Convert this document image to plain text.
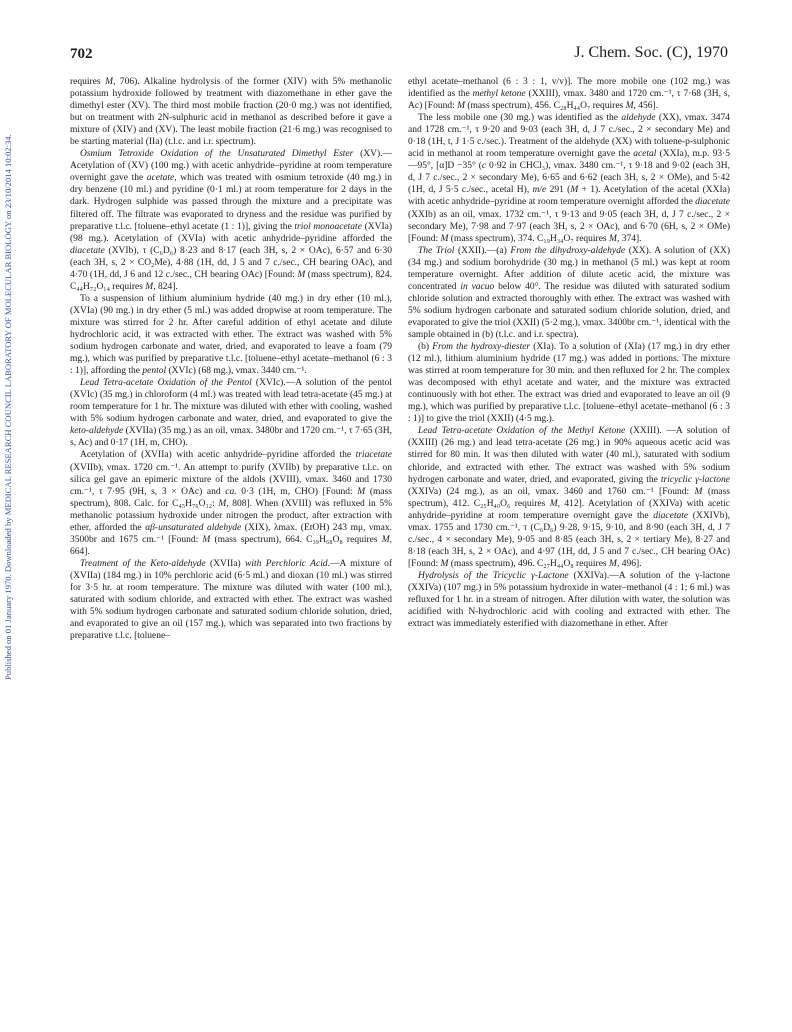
Published on 01 January 1970. Downloaded by MEDICAL RESEARCH COUNCIL LABORATORY OF MOLECULAR BIOLOGY on 23/10/2014 10:02:34.
702	J. Chem. Soc. (C), 1970

requires M, 706). Alkaline hydrolysis of the former (XIV) with 5% methanolic potassium hydroxide followed by treatment with diazomethane in ether gave the dimethyl ester (XV). The third most mobile fraction (20·0 mg.) was not identified, but on treatment with 2N-sulphuric acid in methanol as described before it gave a mixture of (XIV) and (XV). The least mobile fraction (21·6 mg.) was recognised to be starting material (IIa) (t.l.c. and i.r. spectrum).

Osmium Tetroxide Oxidation of the Unsaturated Dimethyl Ester (XV).—Acetylation of (XV) (100 mg.) with acetic anhydride–pyridine at room temperature overnight gave the acetate, which was treated with osmium tetroxide (40 mg.) in dry benzene (10 ml.) and pyridine (0·1 ml.) at room temperature for 2 days in the dark. Hydrogen sulphide was passed through the mixture and a precipitate was filtered off. The filtrate was evaporated to dryness and the residue was purified by preparative t.l.c. [toluene–ethyl acetate (1 : 1)], giving the triol monoacetate (XVIa) (98 mg.). Acetylation of (XVIa) with acetic anhydride–pyridine afforded the diacetate (XVIb), τ (C₆D₆) 8·23 and 8·17 (each 3H, s, 2 × OAc), 6·57 and 6·30 (each 3H, s, 2 × CO₂Me), 4·88 (1H, dd, J 5 and 7 c./sec., CH bearing OAc), and 4·70 (1H, dd, J 6 and 12 c./sec., CH bearing OAc) [Found: M (mass spectrum), 824. C₄₄H₇₂O₁₄ requires M, 824].

To a suspension of lithium aluminium hydride (40 mg.) in dry ether (10 ml.), (XVIa) (90 mg.) in dry ether (5 ml.) was added dropwise at room temperature. The mixture was stirred for 2 hr. After careful addition of ethyl acetate and dilute hydrochloric acid, it was extracted with ether. The extract was washed with 5% sodium hydrogen carbonate and water, dried, and evaporated to leave a foam (79 mg.), which was purified by preparative t.l.c. [toluene–ethyl acetate–methanol (6 : 3 : 1)], affording the pentol (XVIc) (68 mg.), νmax. 3440 cm.⁻¹.

Lead Tetra-acetate Oxidation of the Pentol (XVIc).—A solution of the pentol (XVIc) (35 mg.) in chloroform (4 ml.) was treated with lead tetra-acetate (45 mg.) at room temperature for 1 hr. The mixture was diluted with ether with cooling, washed with 5% sodium hydrogen carbonate and water, dried, and evaporated to give the keto-aldehyde (XVIIa) (35 mg.) as an oil, νmax. 3480br and 1720 cm.⁻¹, τ 7·65 (3H, s, Ac) and 0·17 (1H, m, CHO).

Acetylation of (XVIIa) with acetic anhydride–pyridine afforded the triacetate (XVIIb), νmax. 1720 cm.⁻¹. An attempt to purify (XVIIb) by preparative t.l.c. on silica gel gave an epimeric mixture of the aldols (XVIII), νmax. 3460 and 1730 cm.⁻¹, τ 7·95 (9H, s, 3 × OAc) and ca. 0·3 (1H, m, CHO) [Found: M (mass spectrum), 808. Calc. for C₄₅H₇₆O₁₂: M, 808]. When (XVIII) was refluxed in 5% methanolic potassium hydroxide under nitrogen the product, after extraction with ether, afforded the αβ-unsaturated aldehyde (XIX), λmax. (EtOH) 243 mμ, νmax. 3500br and 1675 cm.⁻¹ [Found: M (mass spectrum), 664. C₃₉H₆₈O₈ requires M, 664].

Treatment of the Keto-aldehyde (XVIIa) with Perchloric Acid.—A mixture of (XVIIa) (184 mg.) in 10% perchloric acid (6·5 ml.) and dioxan (10 ml.) was stirred for 3·5 hr. at room temperature. The mixture was diluted with water (100 ml.), saturated with sodium chloride, and extracted with ether. The extract was washed with 5% sodium hydrogen carbonate and saturated sodium chloride solution, dried, and evaporated to give an oil (157 mg.), which was separated into two fractions by preparative t.l.c. [toluene–

ethyl acetate–methanol (6 : 3 : 1, v/v)]. The more mobile one (102 mg.) was identified as the methyl ketone (XXIII), νmax. 3480 and 1720 cm.⁻¹, τ 7·68 (3H, s, Ac) [Found: M (mass spectrum), 456. C₂₈H₄₄O₇ requires M, 456].

The less mobile one (30 mg.) was identified as the aldehyde (XX), νmax. 3474 and 1728 cm.⁻¹, τ 9·20 and 9·03 (each 3H, d, J 7 c./sec., 2 × secondary Me) and 0·18 (1H, t, J 1·5 c./sec.). Treatment of the aldehyde (XX) with toluene-p-sulphonic acid in methanol at room temperature overnight gave the acetal (XXIa), m.p. 93·5—95°, [α]D −35° (c 0·92 in CHCl₃), νmax. 3480 cm.⁻¹, τ 9·18 and 9·02 (each 3H, d, J 7 c./sec., 2 × secondary Me), 6·65 and 6·62 (each 3H, s, 2 × OMe), and 5·42 (1H, d, J 5·5 c./sec., acetal H), m/e 291 (M + 1). Acetylation of the acetal (XXIa) with acetic anhydride–pyridine at room temperature overnight afforded the diacetate (XXIb) as an oil, νmax. 1732 cm.⁻¹, τ 9·13 and 9·05 (each 3H, d, J 7 c./sec., 2 × secondary Me), 7·98 and 7·97 (each 3H, s, 2 × OAc), and 6·70 (6H, s, 2 × OMe) [Found: M (mass spectrum), 374. C₁₉H₃₄O₇ requires M, 374].

The Triol (XXII).—(a) From the dihydroxy-aldehyde (XX). A solution of (XX) (34 mg.) and sodium borohydride (30 mg.) in methanol (5 ml.) was kept at room temperature overnight. After addition of dilute acetic acid, the mixture was concentrated in vacuo below 40°. The residue was diluted with saturated sodium chloride solution and extracted thoroughly with ether. The extract was washed with 5% sodium hydrogen carbonate and saturated sodium chloride solution, dried, and evaporated to give the triol (XXII) (5·2 mg.), νmax. 3400br cm.⁻¹, identical with the sample obtained in (b) (t.l.c. and i.r. spectra).

(b) From the hydroxy-diester (XIa). To a solution of (XIa) (17 mg.) in dry ether (12 ml.), lithium aluminium hydride (17 mg.) was added in portions. The mixture was stirred at room temperature for 30 min. and then refluxed for 2 hr. The complex was decomposed with ethyl acetate and water, and the mixture was extracted continuously with hot ether. The extract was dried and evaporated to leave an oil (9 mg.), which was purified by preparative t.l.c. [toluene–ethyl acetate–methanol (6 : 3 : 1)] to give the triol (XXII) (4·5 mg.).

Lead Tetra-acetate Oxidation of the Methyl Ketone (XXIII). —A solution of (XXIII) (26 mg.) and lead tetra-acetate (26 mg.) in 90% aqueous acetic acid was stirred for 80 min. It was then diluted with water (40 ml.), saturated with sodium chloride, and extracted with ether. The extract was washed with 5% sodium hydrogen carbonate and water, dried, and evaporated, giving the tricyclic γ-lactone (XXIVa) (24 mg.), as an oil, νmax. 3460 and 1760 cm.⁻¹ [Found: M (mass spectrum), 412. C₂₅H₄₀O₆ requires M, 412]. Acetylation of (XXIVa) with acetic anhydride–pyridine at room temperature overnight gave the diacetate (XXIVb), νmax. 1755 and 1730 cm.⁻¹, τ (C₆D₆) 9·28, 9·15, 9·10, and 8·90 (each 3H, d, J 7 c./sec., 4 × secondary Me), 9·05 and 8·85 (each 3H, s, 2 × tertiary Me), 8·27 and 8·18 (each 3H, s, 2 × OAc), and 4·97 (1H, dd, J 5 and 7 c./sec., CH bearing OAc) [Found: M (mass spectrum), 496. C₂₇H₄₄O₈ requires M, 496].

Hydrolysis of the Tricyclic γ-Lactone (XXIVa).—A solution of the γ-lactone (XXIVa) (107 mg.) in 5% potassium hydroxide in water–methanol (4 : 1; 6 ml.) was refluxed for 1 hr. in a stream of nitrogen. After dilution with water, the solution was acidified with N-hydrochloric acid with cooling and extracted with ether. The extract was immediately esterified with diazomethane in ether. After
